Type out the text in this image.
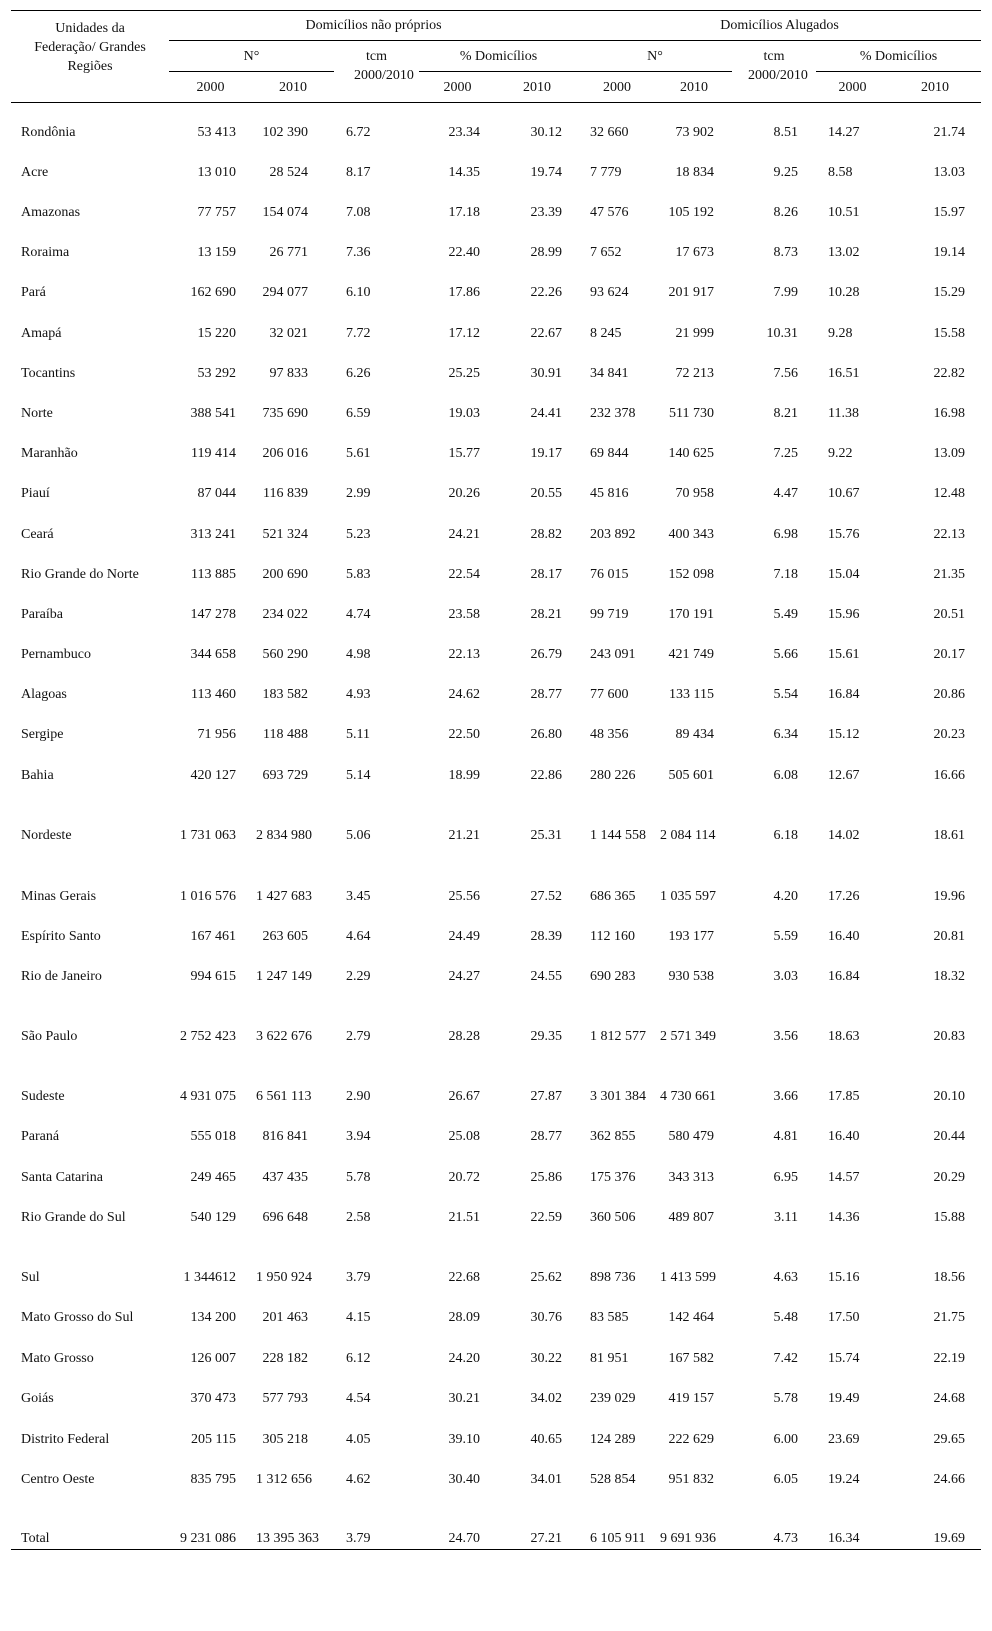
Unidades da Federação/ Grandes Regiões	Domicílios não próprios					Domicílios Alugados				
	N°		tcm 2000/2010	% Domicílios		N°		tcm 2000/2010	% Domicílios	
	2000	2010		2000	2010	2000	2010		2000	2010
Rondônia	53 413	102 390	6.72	23.34	30.12	32 660	73 902	8.51	14.27	21.74
Acre	13 010	28 524	8.17	14.35	19.74	7 779	18 834	9.25	8.58	13.03
Amazonas	77 757	154 074	7.08	17.18	23.39	47 576	105 192	8.26	10.51	15.97
Roraima	13 159	26 771	7.36	22.40	28.99	7 652	17 673	8.73	13.02	19.14
Pará	162 690	294 077	6.10	17.86	22.26	93 624	201 917	7.99	10.28	15.29
Amapá	15 220	32 021	7.72	17.12	22.67	8 245	21 999	10.31	9.28	15.58
Tocantins	53 292	97 833	6.26	25.25	30.91	34 841	72 213	7.56	16.51	22.82
Norte	388 541	735 690	6.59	19.03	24.41	232 378	511 730	8.21	11.38	16.98
Maranhão	119 414	206 016	5.61	15.77	19.17	69 844	140 625	7.25	9.22	13.09
Piauí	87 044	116 839	2.99	20.26	20.55	45 816	70 958	4.47	10.67	12.48
Ceará	313 241	521 324	5.23	24.21	28.82	203 892	400 343	6.98	15.76	22.13
Rio Grande do Norte	113 885	200 690	5.83	22.54	28.17	76 015	152 098	7.18	15.04	21.35
Paraíba	147 278	234 022	4.74	23.58	28.21	99 719	170 191	5.49	15.96	20.51
Pernambuco	344 658	560 290	4.98	22.13	26.79	243 091	421 749	5.66	15.61	20.17
Alagoas	113 460	183 582	4.93	24.62	28.77	77 600	133 115	5.54	16.84	20.86
Sergipe	71 956	118 488	5.11	22.50	26.80	48 356	89 434	6.34	15.12	20.23
Bahia	420 127	693 729	5.14	18.99	22.86	280 226	505 601	6.08	12.67	16.66
Nordeste	1 731 063	2 834 980	5.06	21.21	25.31	1 144 558	2 084 114	6.18	14.02	18.61
Minas Gerais	1 016 576	1 427 683	3.45	25.56	27.52	686 365	1 035 597	4.20	17.26	19.96
Espírito Santo	167 461	263 605	4.64	24.49	28.39	112 160	193 177	5.59	16.40	20.81
Rio de Janeiro	994 615	1 247 149	2.29	24.27	24.55	690 283	930 538	3.03	16.84	18.32
São Paulo	2 752 423	3 622 676	2.79	28.28	29.35	1 812 577	2 571 349	3.56	18.63	20.83
Sudeste	4 931 075	6 561 113	2.90	26.67	27.87	3 301 384	4 730 661	3.66	17.85	20.10
Paraná	555 018	816 841	3.94	25.08	28.77	362 855	580 479	4.81	16.40	20.44
Santa Catarina	249 465	437 435	5.78	20.72	25.86	175 376	343 313	6.95	14.57	20.29
Rio Grande do Sul	540 129	696 648	2.58	21.51	22.59	360 506	489 807	3.11	14.36	15.88
Sul	1 344612	1 950 924	3.79	22.68	25.62	898 736	1 413 599	4.63	15.16	18.56
Mato Grosso do Sul	134 200	201 463	4.15	28.09	30.76	83 585	142 464	5.48	17.50	21.75
Mato Grosso	126 007	228 182	6.12	24.20	30.22	81 951	167 582	7.42	15.74	22.19
Goiás	370 473	577 793	4.54	30.21	34.02	239 029	419 157	5.78	19.49	24.68
Distrito Federal	205 115	305 218	4.05	39.10	40.65	124 289	222 629	6.00	23.69	29.65
Centro Oeste	835 795	1 312 656	4.62	30.40	34.01	528 854	951 832	6.05	19.24	24.66
Total	9 231 086	13 395 363	3.79	24.70	27.21	6 105 911	9 691 936	4.73	16.34	19.69
